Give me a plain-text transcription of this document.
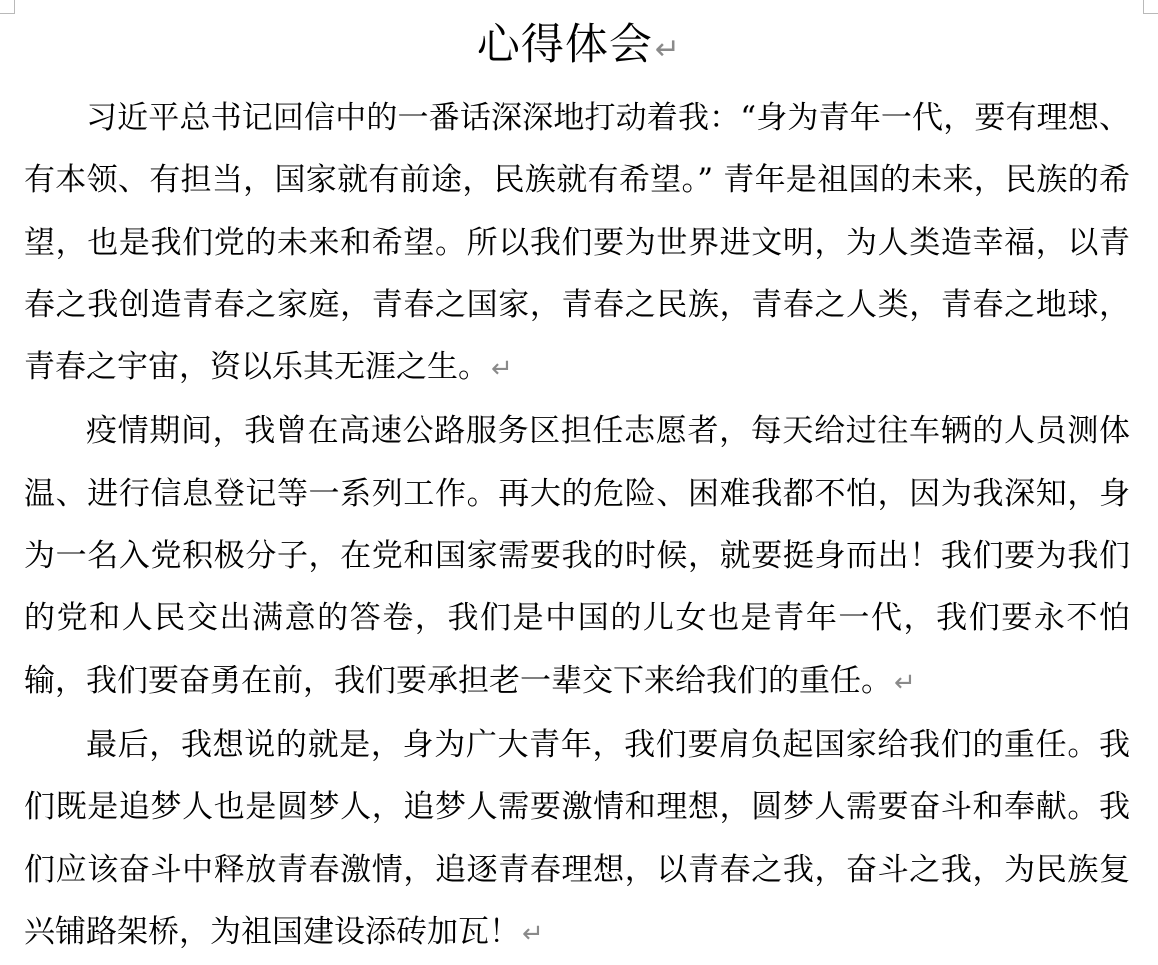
心得体会↵

习近平总书记回信中的一番话深深地打动着我：“身为青年一代，要有理想、有本领、有担当，国家就有前途，民族就有希望。” 青年是祖国的未来，民族的希望，也是我们党的未来和希望。所以我们要为世界进文明，为人类造幸福，以青春之我创造青春之家庭，青春之国家，青春之民族，青春之人类，青春之地球，青春之宇宙，资以乐其无涯之生。↵

疫情期间，我曾在高速公路服务区担任志愿者，每天给过往车辆的人员测体温、进行信息登记等一系列工作。再大的危险、困难我都不怕，因为我深知，身为一名入党积极分子，在党和国家需要我的时候，就要挺身而出！我们要为我们的党和人民交出满意的答卷，我们是中国的儿女也是青年一代，我们要永不怕输，我们要奋勇在前，我们要承担老一辈交下来给我们的重任。↵

最后，我想说的就是，身为广大青年，我们要肩负起国家给我们的重任。我们既是追梦人也是圆梦人，追梦人需要激情和理想，圆梦人需要奋斗和奉献。我们应该奋斗中释放青春激情，追逐青春理想，以青春之我，奋斗之我，为民族复兴铺路架桥，为祖国建设添砖加瓦！↵
